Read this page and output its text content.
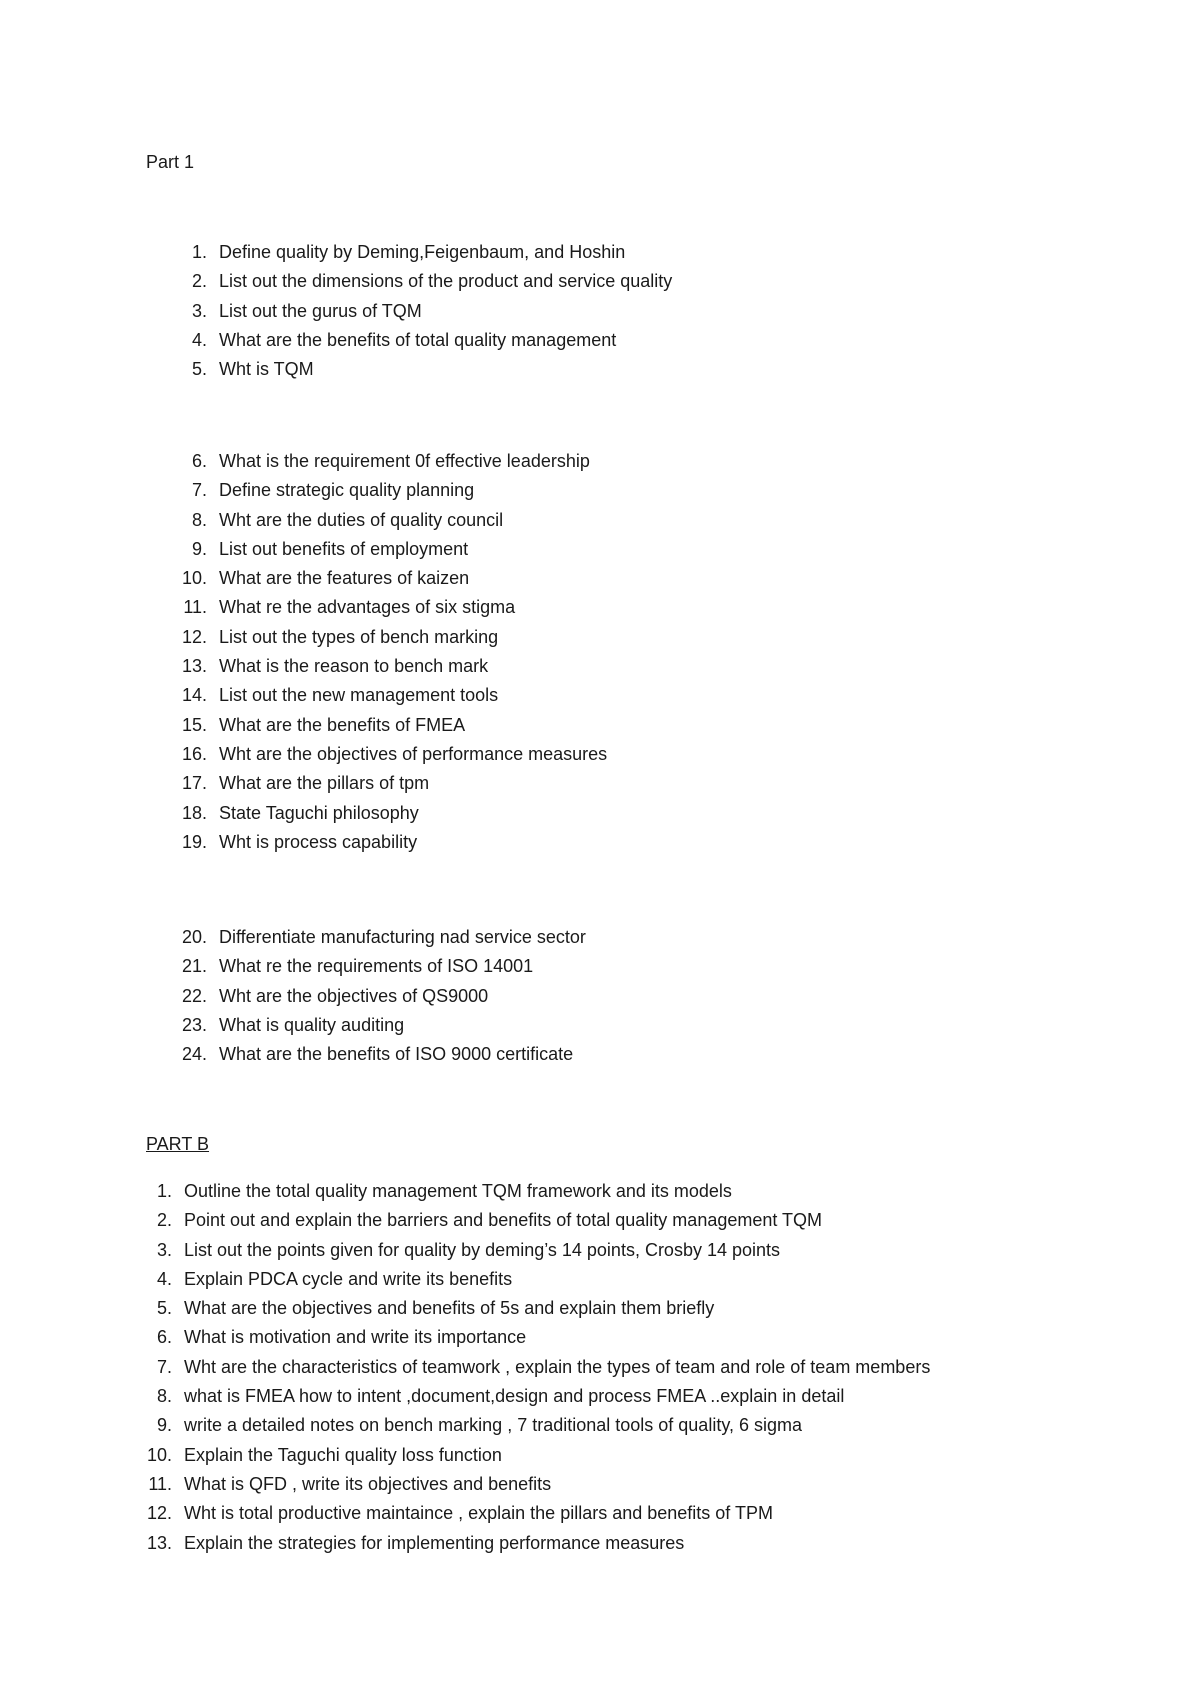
Part 1
1. Define quality by Deming,Feigenbaum, and Hoshin
2. List out the dimensions of the product and service quality
3. List out the gurus of TQM
4. What are the benefits of total quality management
5. Wht is TQM
6. What is the requirement 0f effective leadership
7. Define strategic quality planning
8. Wht are the duties of quality council
9. List out benefits of employment
10. What are the features of kaizen
11. What re the advantages of six stigma
12. List out the types of bench marking
13. What is the reason to bench mark
14. List out the new management tools
15. What are the benefits of FMEA
16. Wht are the objectives of performance measures
17. What are the pillars of tpm
18. State Taguchi philosophy
19. Wht is process capability
20. Differentiate manufacturing nad service sector
21. What re the requirements of ISO 14001
22. Wht are the objectives of QS9000
23. What is quality auditing
24. What are the benefits of ISO 9000 certificate
PART B
1. Outline the total quality management TQM framework and its models
2. Point out and explain the barriers and benefits of total quality management TQM
3. List out the points given for quality by deming’s 14 points, Crosby 14 points
4. Explain PDCA cycle and write its benefits
5. What are the objectives and benefits of 5s and explain them briefly
6. What is motivation and write its importance
7. Wht are the characteristics of teamwork , explain the types of team and role of team members
8. what is FMEA how to intent ,document,design and process FMEA ..explain in detail
9. write a detailed notes on bench marking , 7 traditional tools of quality, 6 sigma
10. Explain the Taguchi quality loss function
11. What is QFD , write its objectives and benefits
12. Wht is total productive maintaince , explain the pillars and benefits of TPM
13. Explain the strategies for implementing performance measures
